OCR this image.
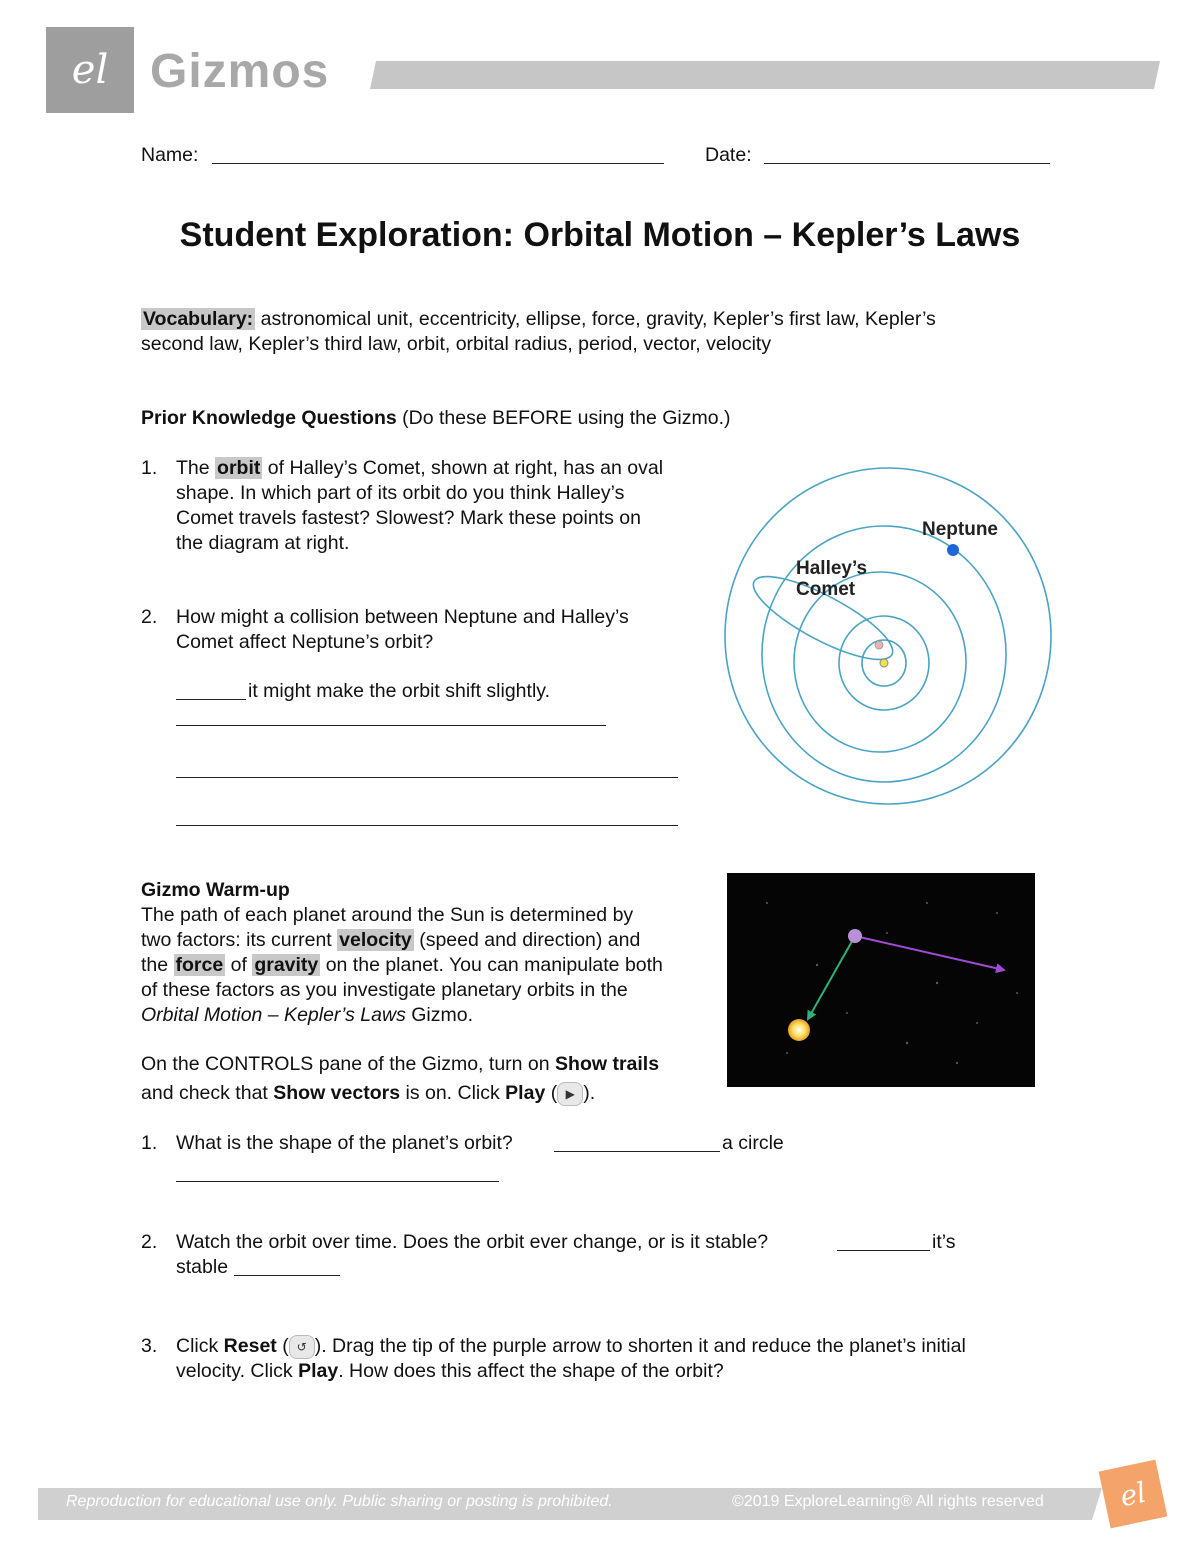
el Gizmos
Name:	Date:
Student Exploration: Orbital Motion – Kepler’s Laws
Vocabulary: astronomical unit, eccentricity, ellipse, force, gravity, Kepler’s first law, Kepler’s
second law, Kepler’s third law, orbit, orbital radius, period, vector, velocity
Prior Knowledge Questions (Do these BEFORE using the Gizmo.)
1. The orbit of Halley’s Comet, shown at right, has an oval
shape. In which part of its orbit do you think Halley’s
Comet travels fastest? Slowest? Mark these points on
the diagram at right.
2. How might a collision between Neptune and Halley’s
Comet affect Neptune’s orbit?
it might make the orbit shift slightly.
Neptune
Halley’s
Comet
Gizmo Warm-up
The path of each planet around the Sun is determined by
two factors: its current velocity (speed and direction) and
the force of gravity on the planet. You can manipulate both
of these factors as you investigate planetary orbits in the
Orbital Motion – Kepler’s Laws Gizmo.
On the CONTROLS pane of the Gizmo, turn on Show trails
and check that Show vectors is on. Click Play ( ▶ ).
1. What is the shape of the planet’s orbit?	a circle
2. Watch the orbit over time. Does the orbit ever change, or is it stable?	it’s
stable
3. Click Reset ( ↺ ). Drag the tip of the purple arrow to shorten it and reduce the planet’s initial
velocity. Click Play. How does this affect the shape of the orbit?
Reproduction for educational use only. Public sharing or posting is prohibited.	©2019 ExploreLearning® All rights reserved	el
